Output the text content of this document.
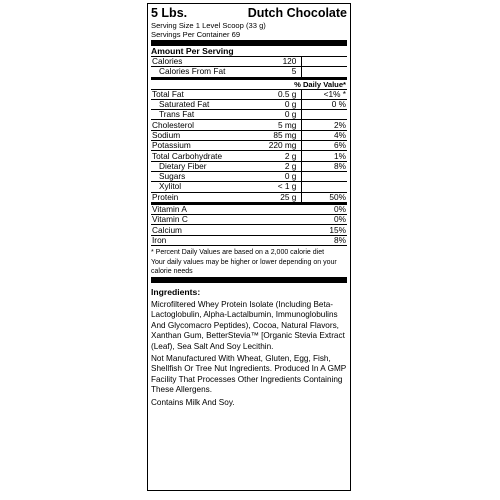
5 Lbs.	Dutch Chocolate
Serving Size 1 Level Scoop (33 g)
Servings Per Container 69
Amount Per Serving
Calories	120	
Calories From Fat	5	
% Daily Value*
Total Fat	0.5 g	<1% *
Saturated Fat	0 g	0 %
Trans Fat	0 g	
Cholesterol	5 mg	2%
Sodium	85 mg	4%
Potassium	220 mg	6%
Total Carbohydrate	2 g	1%
Dietary Fiber	2 g	8%
Sugars	0 g	
Xylitol	< 1 g	
Protein	25 g	50%
Vitamin A	0%
Vitamin C	0%
Calcium	15%
Iron	8%

* Percent Daily Values are based on a 2,000 calorie diet

Your daily values may be higher or lower depending on your calorie needs

Ingredients:

Microfiltered Whey Protein Isolate (Including Beta-Lactoglobulin, Alpha-Lactalbumin, Immunoglobulins And Glycomacro Peptides), Cocoa, Natural Flavors, Xanthan Gum, BetterStevia™ [Organic Stevia Extract (Leaf), Sea Salt And Soy Lecithin.

Not Manufactured With Wheat, Gluten, Egg, Fish, Shellfish Or Tree Nut Ingredients. Produced In A GMP Facility That Processes Other Ingredients Containing These Allergens.

Contains Milk And Soy.
